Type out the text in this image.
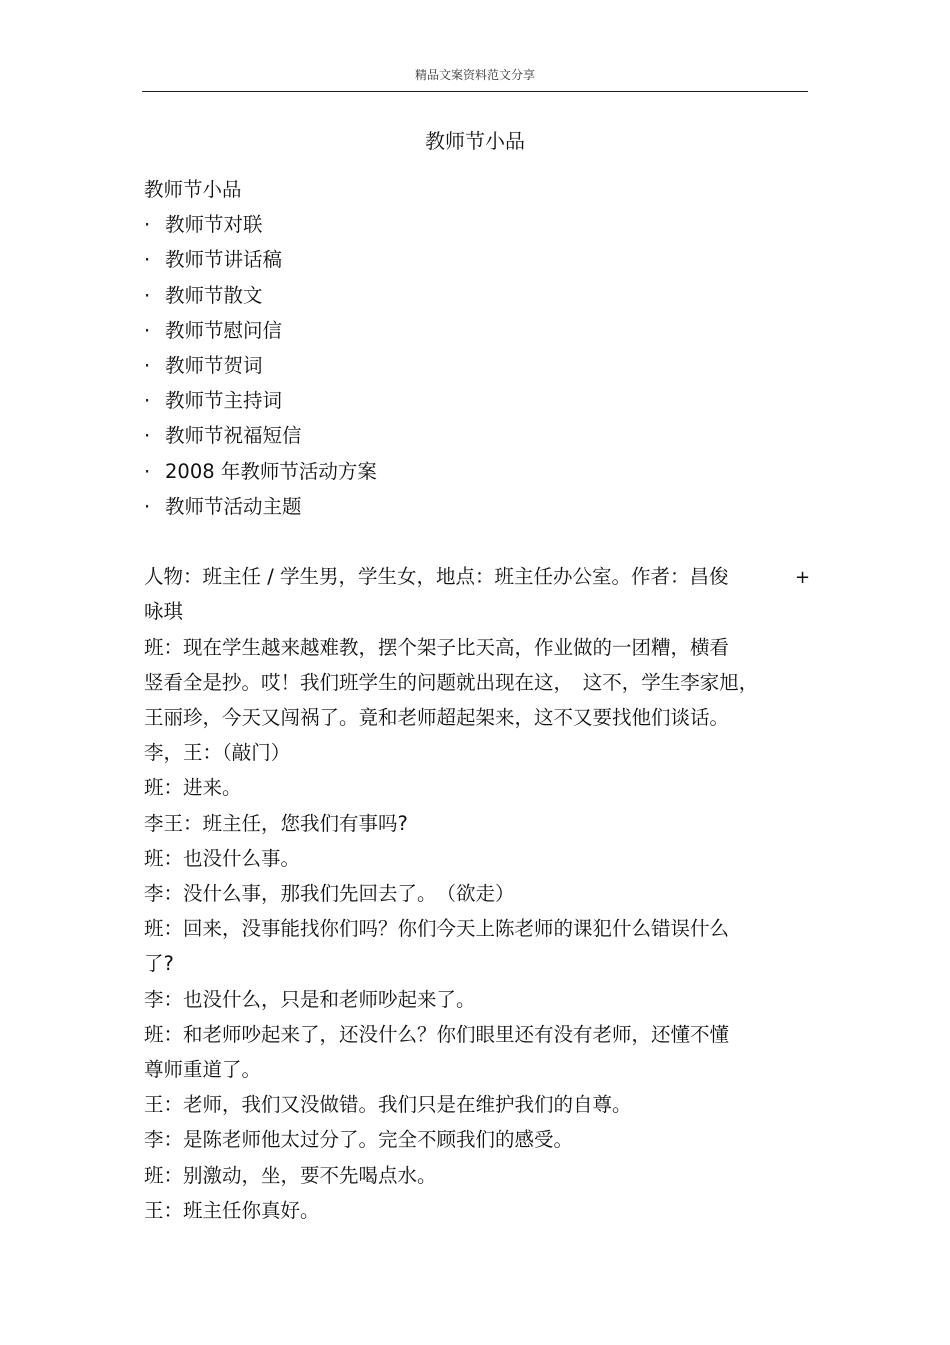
精品文案资料范文分享
教师节小品

教师节小品

· 教师节对联

· 教师节讲话稿

· 教师节散文

· 教师节慰问信

· 教师节贺词

· 教师节主持词

· 教师节祝福短信

· 2008 年教师节活动方案

· 教师节活动主题

人物：班主任 / 学生男，学生女，地点：班主任办公室。作者：昌俊

咏琪

班：现在学生越来越难教，摆个架子比天高，作业做的一团糟，横看

竖看全是抄。哎！我们班学生的问题就出现在这，　这不，学生李家旭，

王丽珍，今天又闯祸了。竟和老师超起架来，这不又要找他们谈话。

李，王：（敲门）

班：进来。

李王：班主任，您我们有事吗?

班：也没什么事。

李：没什么事，那我们先回去了。　（欲走）

班：回来，没事能找你们吗？你们今天上陈老师的课犯什么错误什么

了?

李：也没什么，只是和老师吵起来了。

班：和老师吵起来了，还没什么？你们眼里还有没有老师，还懂不懂

尊师重道了。

王：老师，我们又没做错。我们只是在维护我们的自尊。

李：是陈老师他太过分了。完全不顾我们的感受。

班：别激动，坐，要不先喝点水。

王：班主任你真好。

+
